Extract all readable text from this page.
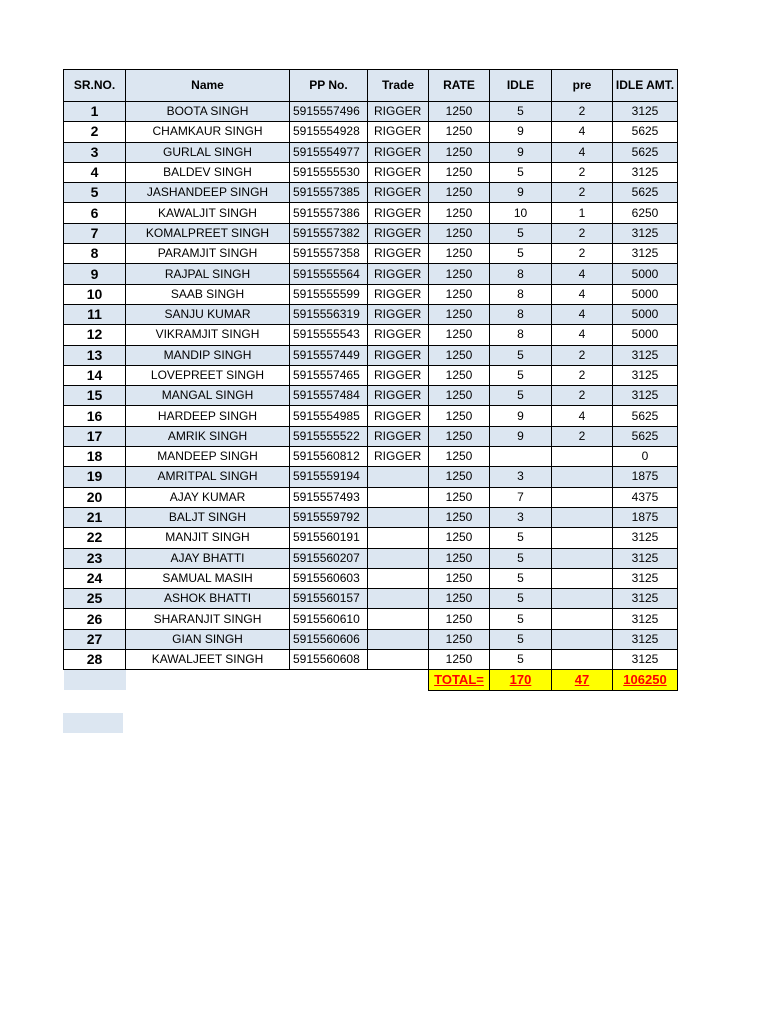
SR.NO.	Name	PP No.	Trade	RATE	IDLE	pre	IDLE AMT.
1	BOOTA SINGH	5915557496	RIGGER	1250	5	2	3125
2	CHAMKAUR SINGH	5915554928	RIGGER	1250	9	4	5625
3	GURLAL SINGH	5915554977	RIGGER	1250	9	4	5625
4	BALDEV SINGH	5915555530	RIGGER	1250	5	2	3125
5	JASHANDEEP SINGH	5915557385	RIGGER	1250	9	2	5625
6	KAWALJIT SINGH	5915557386	RIGGER	1250	10	1	6250
7	KOMALPREET SINGH	5915557382	RIGGER	1250	5	2	3125
8	PARAMJIT SINGH	5915557358	RIGGER	1250	5	2	3125
9	RAJPAL SINGH	5915555564	RIGGER	1250	8	4	5000
10	SAAB SINGH	5915555599	RIGGER	1250	8	4	5000
11	SANJU KUMAR	5915556319	RIGGER	1250	8	4	5000
12	VIKRAMJIT SINGH	5915555543	RIGGER	1250	8	4	5000
13	MANDIP SINGH	5915557449	RIGGER	1250	5	2	3125
14	LOVEPREET SINGH	5915557465	RIGGER	1250	5	2	3125
15	MANGAL SINGH	5915557484	RIGGER	1250	5	2	3125
16	HARDEEP SINGH	5915554985	RIGGER	1250	9	4	5625
17	AMRIK SINGH	5915555522	RIGGER	1250	9	2	5625
18	MANDEEP SINGH	5915560812	RIGGER	1250			0
19	AMRITPAL SINGH	5915559194		1250	3		1875
20	AJAY KUMAR	5915557493		1250	7		4375
21	BALJT SINGH	5915559792		1250	3		1875
22	MANJIT SINGH	5915560191		1250	5		3125
23	AJAY BHATTI	5915560207		1250	5		3125
24	SAMUAL MASIH	5915560603		1250	5		3125
25	ASHOK BHATTI	5915560157		1250	5		3125
26	SHARANJIT SINGH	5915560610		1250	5		3125
27	GIAN SINGH	5915560606		1250	5		3125
28	KAWALJEET SINGH	5915560608		1250	5		3125
				TOTAL=	170	47	106250
